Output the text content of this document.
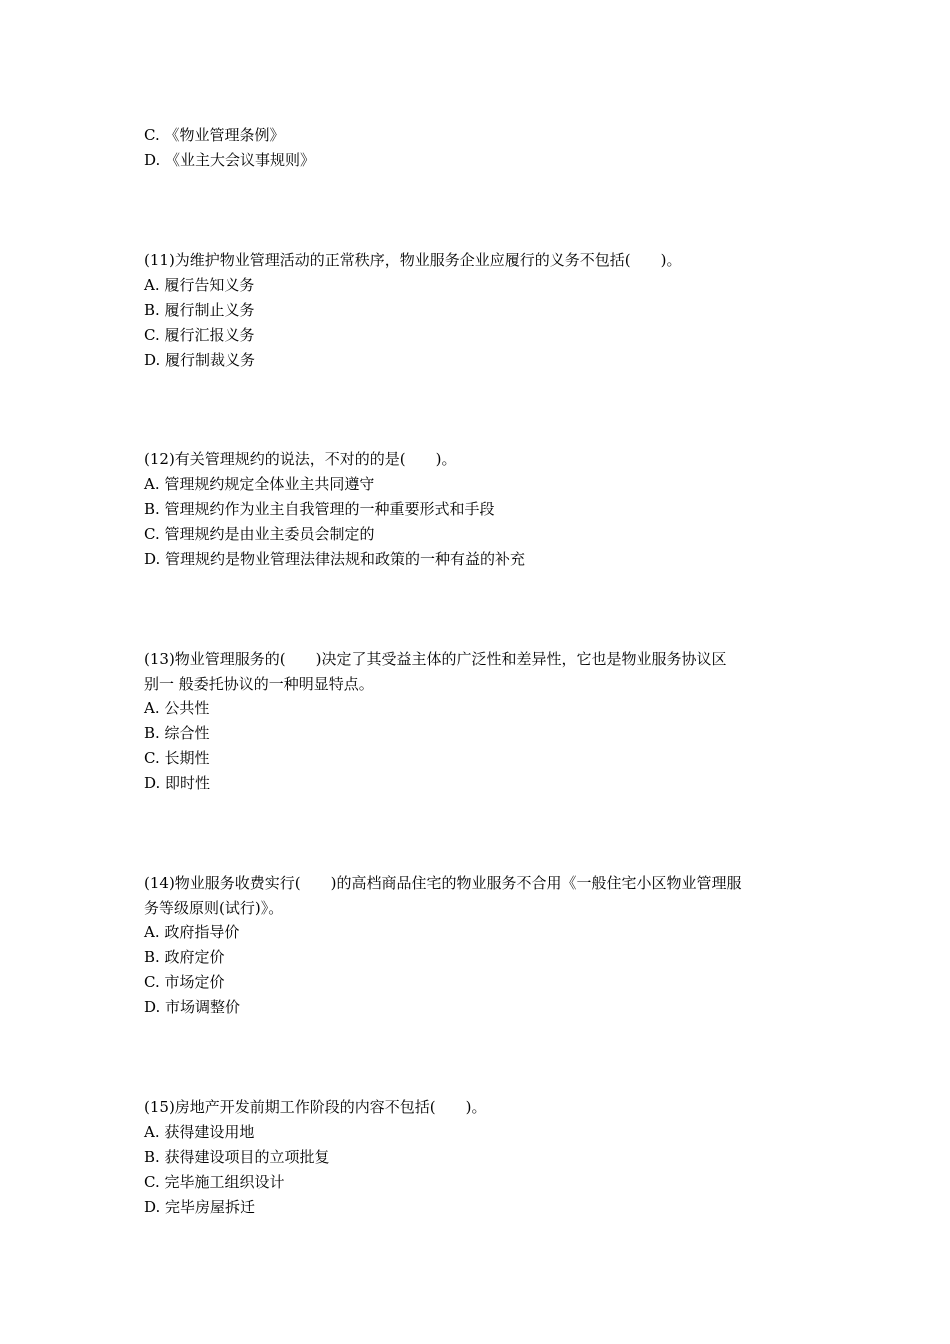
C. 《物业管理条例》
D. 《业主大会议事规则》
(11)为维护物业管理活动的正常秩序，物业服务企业应履行的义务不包括(　　)。
A. 履行告知义务
B. 履行制止义务
C. 履行汇报义务
D. 履行制裁义务
(12)有关管理规约的说法，不对的的是(　　)。
A. 管理规约规定全体业主共同遵守
B. 管理规约作为业主自我管理的一种重要形式和手段
C. 管理规约是由业主委员会制定的
D. 管理规约是物业管理法律法规和政策的一种有益的补充
(13)物业管理服务的(　　)决定了其受益主体的广泛性和差异性，它也是物业服务协议区
别一 般委托协议的一种明显特点。
A. 公共性
B. 综合性
C. 长期性
D. 即时性
(14)物业服务收费实行(　　)的高档商品住宅的物业服务不合用《一般住宅小区物业管理服
务等级原则(试行)》。
A. 政府指导价
B. 政府定价
C. 市场定价
D. 市场调整价
(15)房地产开发前期工作阶段的内容不包括(　　)。
A. 获得建设用地
B. 获得建设项目的立项批复
C. 完毕施工组织设计
D. 完毕房屋拆迁
